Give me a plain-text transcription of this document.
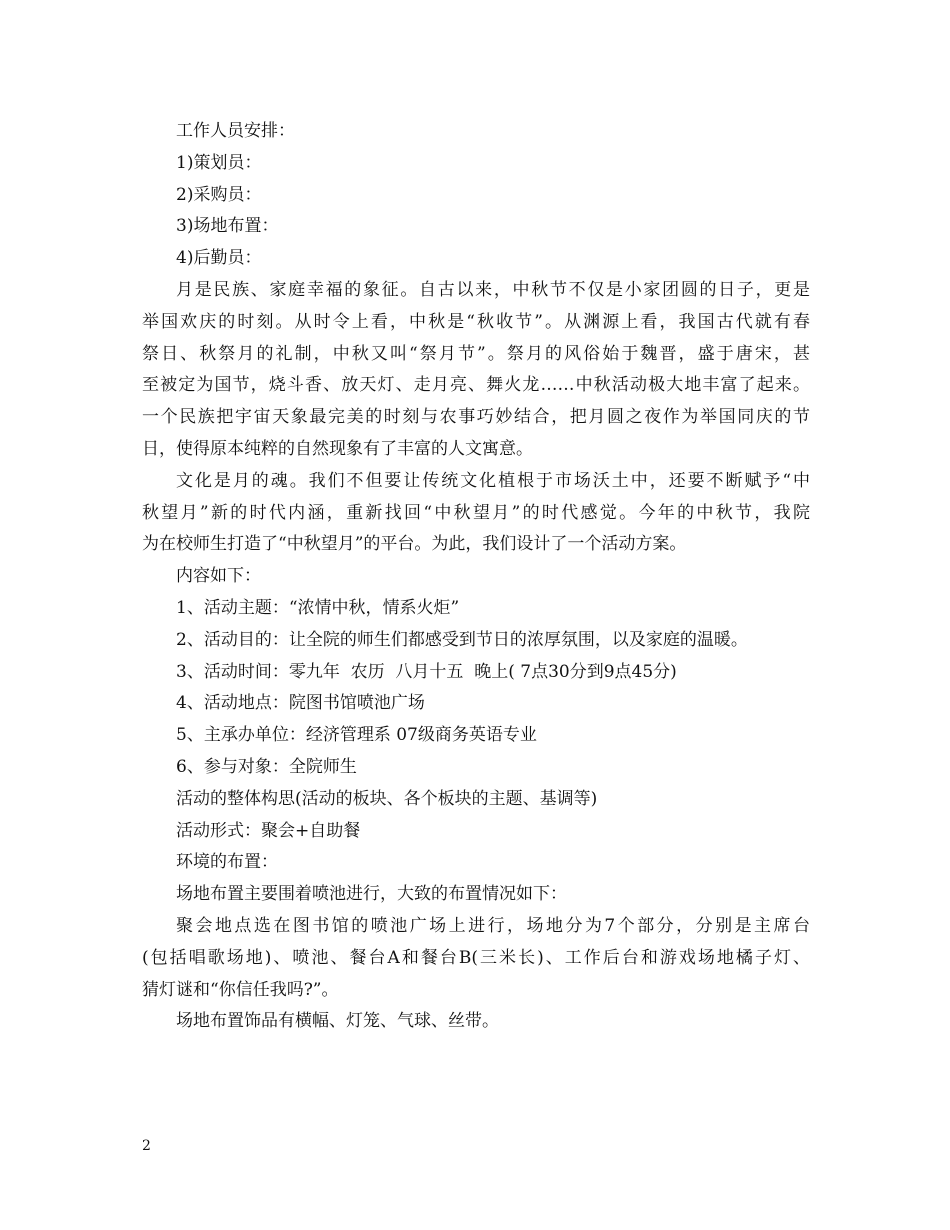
工作人员安排：
1)策划员：
2)采购员：
3)场地布置：
4)后勤员：
月是民族、家庭幸福的象征。自古以来，中秋节不仅是小家团圆的日子，更是
举国欢庆的时刻。从时令上看，中秋是“秋收节”。从渊源上看，我国古代就有春
祭日、秋祭月的礼制，中秋又叫“祭月节”。祭月的风俗始于魏晋，盛于唐宋，甚
至被定为国节，烧斗香、放天灯、走月亮、舞火龙……中秋活动极大地丰富了起来。
一个民族把宇宙天象最完美的时刻与农事巧妙结合，把月圆之夜作为举国同庆的节
日，使得原本纯粹的自然现象有了丰富的人文寓意。
文化是月的魂。我们不但要让传统文化植根于市场沃土中，还要不断赋予“中
秋望月”新的时代内涵，重新找回“中秋望月”的时代感觉。今年的中秋节，我院
为在校师生打造了“中秋望月”的平台。为此，我们设计了一个活动方案。
内容如下：
1、活动主题：“浓情中秋，情系火炬”
2、活动目的：让全院的师生们都感受到节日的浓厚氛围，以及家庭的温暖。
3、活动时间：零九年  农历  八月十五  晚上( 7点30分到9点45分)
4、活动地点：院图书馆喷池广场
5、主承办单位：经济管理系 07级商务英语专业
6、参与对象：全院师生
活动的整体构思(活动的板块、各个板块的主题、基调等)
活动形式：聚会+自助餐
环境的布置：
场地布置主要围着喷池进行，大致的布置情况如下：
聚会地点选在图书馆的喷池广场上进行，场地分为7个部分，分别是主席台
(包括唱歌场地)、喷池、餐台A和餐台B(三米长)、工作后台和游戏场地橘子灯、
猜灯谜和“你信任我吗?”。
场地布置饰品有横幅、灯笼、气球、丝带。
2
